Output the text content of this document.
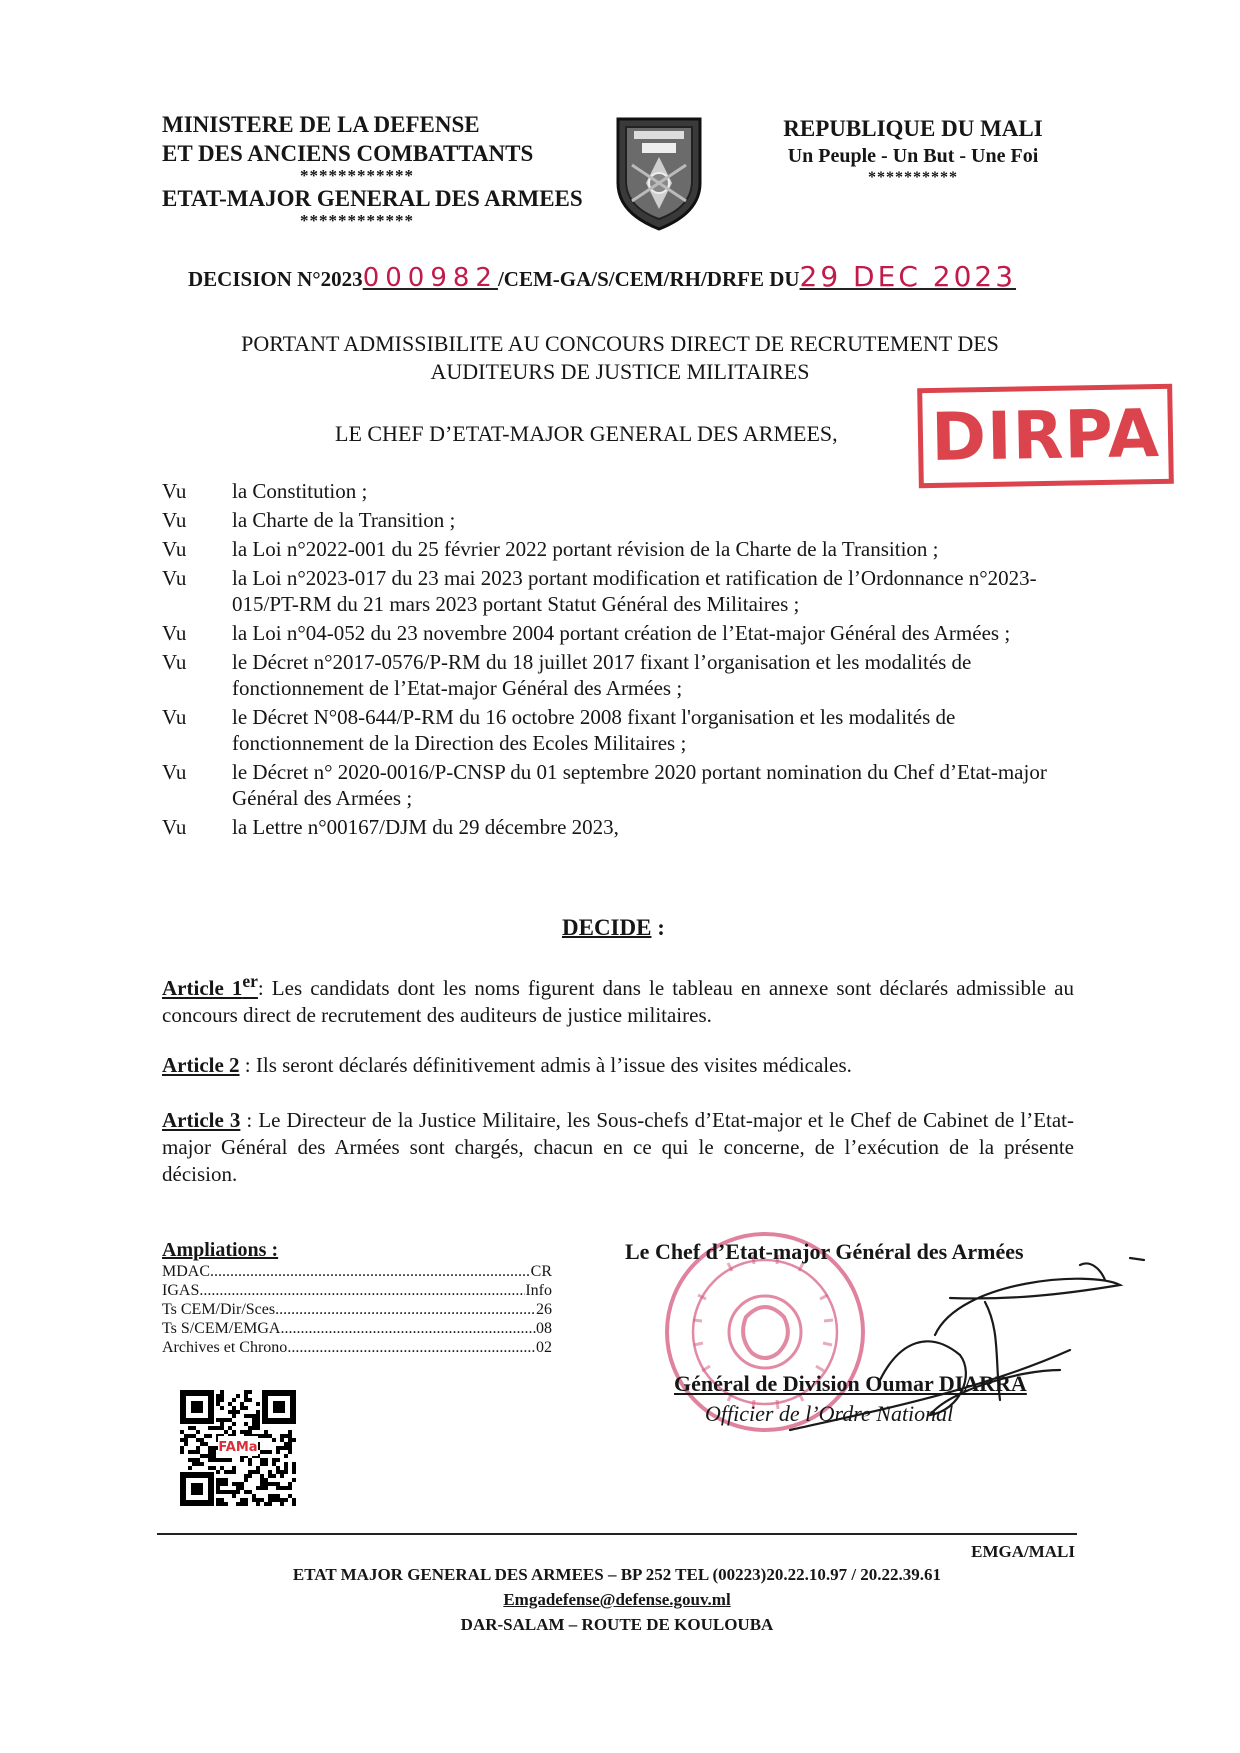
MINISTERE DE LA DEFENSE
ET DES ANCIENS COMBATTANTS
************
ETAT-MAJOR GENERAL DES ARMEES
************
REPUBLIQUE DU MALI
Un Peuple - Un But - Une Foi
**********
DECISION N°2023000982/CEM-GA/S/CEM/RH/DRFE DU29 DEC 2023
PORTANT ADMISSIBILITE AU CONCOURS DIRECT DE RECRUTEMENT DES
AUDITEURS DE JUSTICE MILITAIRES
LE CHEF D’ETAT-MAJOR GENERAL DES ARMEES,	DIRPA
Vu	la Constitution ;
Vu	la Charte de la Transition ;
Vu	la Loi n°2022-001 du 25 février 2022 portant révision de la Charte de la Transition ;
Vu	la Loi n°2023-017 du 23 mai 2023 portant modification et ratification de l’Ordonnance n°2023-015/PT-RM du 21 mars 2023 portant Statut Général des Militaires ;
Vu	la Loi n°04-052 du 23 novembre 2004 portant création de l’Etat-major Général des Armées ;
Vu	le Décret n°2017-0576/P-RM du 18 juillet 2017 fixant l’organisation et les modalités de fonctionnement de l’Etat-major Général des Armées ;
Vu	le Décret N°08-644/P-RM du 16 octobre 2008 fixant l'organisation et les modalités de fonctionnement de la Direction des Ecoles Militaires ;
Vu	le Décret n° 2020-0016/P-CNSP du 01 septembre 2020 portant nomination du Chef d’Etat-major Général des Armées ;
Vu	la Lettre n°00167/DJM du 29 décembre 2023,
DECIDE :
Article 1er: Les candidats dont les noms figurent dans le tableau en annexe sont déclarés admissible au concours direct de recrutement des auditeurs de justice militaires.
Article 2 : Ils seront déclarés définitivement admis à l’issue des visites médicales.
Article 3 : Le Directeur de la Justice Militaire, les Sous-chefs d’Etat-major et le Chef de Cabinet de l’Etat-major Général des Armées sont chargés, chacun en ce qui le concerne, de l’exécution de la présente décision.
Ampliations :
MDAC .....	CR
IGAS .....	Info
Ts CEM/Dir/Sces .....	26
Ts S/CEM/EMGA .....	08
Archives et Chrono .....	02
FAMa
Le Chef d’Etat-major Général des Armées
Général de Division Oumar DIARRA
Officier de l’Ordre National
EMGA/MALI
ETAT MAJOR GENERAL DES ARMEES – BP 252 TEL (00223)20.22.10.97 / 20.22.39.61
Emgadefense@defense.gouv.ml
DAR-SALAM – ROUTE DE KOULOUBA
